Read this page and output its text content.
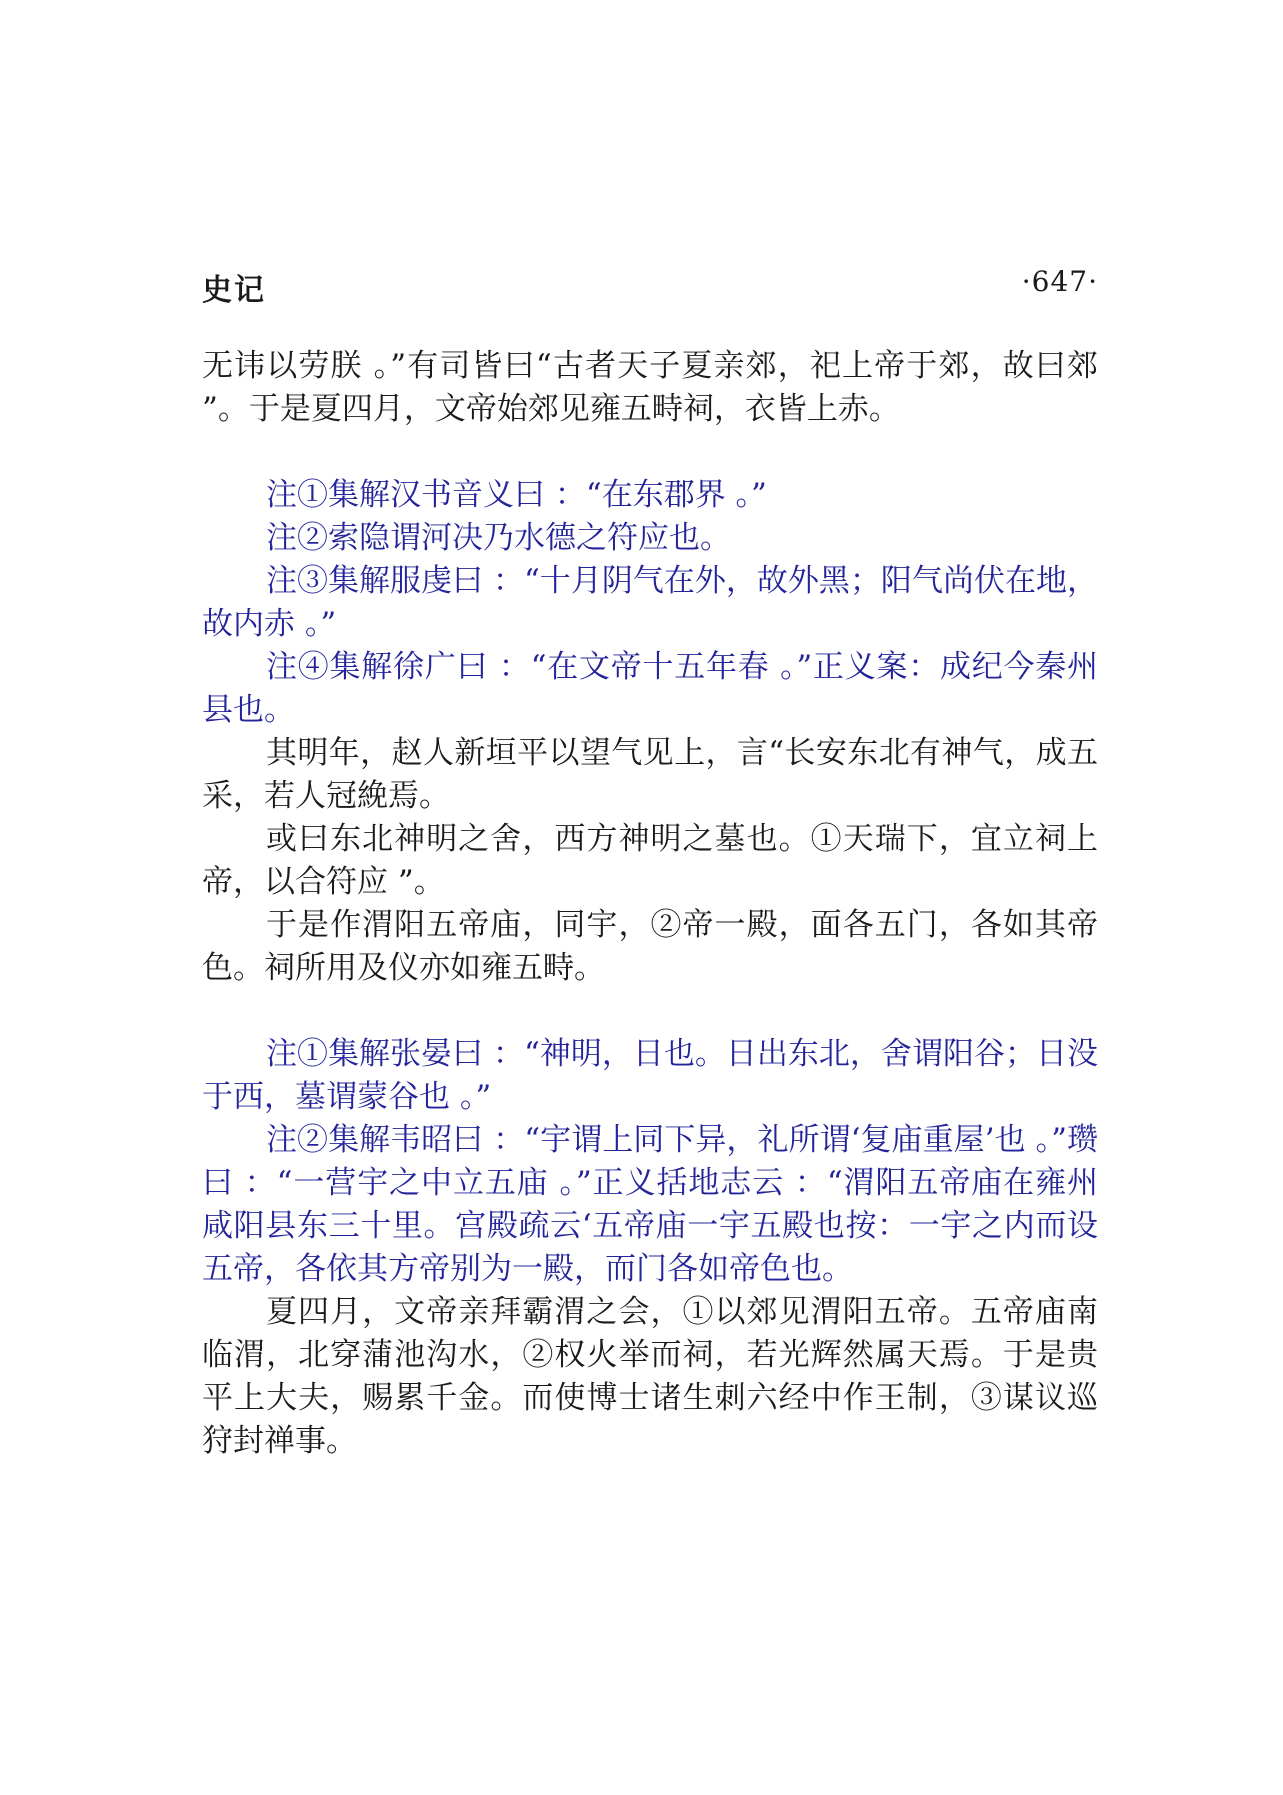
史记	·647·

无讳以劳朕 。”有司皆曰“古者天子夏亲郊，祀上帝于郊，故曰郊 ”。于是夏四月，文帝始郊见雍五畤祠，衣皆上赤。

注①集解汉书音义曰 ：“在东郡界 。”

注②索隐谓河决乃水德之符应也。

注③集解服虔曰 ：“十月阴气在外，故外黑；阳气尚伏在地，故内赤 。”

注④集解徐广曰 ：“在文帝十五年春 。”正义案：成纪今秦州县也。

其明年，赵人新垣平以望气见上，言“长安东北有神气，成五采，若人冠絻焉。

或曰东北神明之舍，西方神明之墓也。①天瑞下，宜立祠上帝，以合符应 ”。

于是作渭阳五帝庙，同宇，②帝一殿，面各五门，各如其帝色。祠所用及仪亦如雍五畤。

注①集解张晏曰 ：“神明，日也。日出东北，舍谓阳谷；日没于西，墓谓蒙谷也 。”

注②集解韦昭曰 ：“宇谓上同下异，礼所谓‘复庙重屋’也 。”瓒曰 ：“一营宇之中立五庙 。”正义括地志云 ：“渭阳五帝庙在雍州咸阳县东三十里。宫殿疏云‘五帝庙一宇五殿也按：一宇之内而设五帝，各依其方帝别为一殿，而门各如帝色也。

夏四月，文帝亲拜霸渭之会，①以郊见渭阳五帝。五帝庙南临渭，北穿蒲池沟水，②权火举而祠，若光辉然属天焉。于是贵平上大夫，赐累千金。而使博士诸生刺六经中作王制，③谋议巡狩封禅事。
